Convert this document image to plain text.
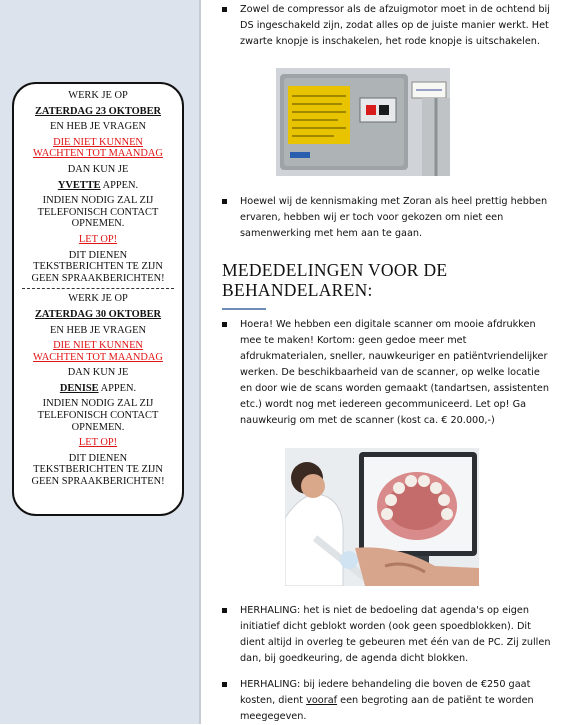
WERK JE OP
ZATERDAG 23 OKTOBER
EN HEB JE VRAGEN
DIE NIET KUNNEN
WACHTEN TOT MAANDAG
DAN KUN JE
YVETTE APPEN.
INDIEN NODIG ZAL ZIJ
TELEFONISCH CONTACT
OPNEMEN.
LET OP!
DIT DIENEN
TEKSTBERICHTEN TE ZIJN
GEEN SPRAAKBERICHTEN!
WERK JE OP
ZATERDAG 30 OKTOBER
EN HEB JE VRAGEN
DIE NIET KUNNEN
WACHTEN TOT MAANDAG
DAN KUN JE
DENISE APPEN.
INDIEN NODIG ZAL ZIJ
TELEFONISCH CONTACT
OPNEMEN.
LET OP!
DIT DIENEN
TEKSTBERICHTEN TE ZIJN
GEEN SPRAAKBERICHTEN!
Zowel de compressor als de afzuigmotor moet in de ochtend bij DS ingeschakeld zijn, zodat alles op de juiste manier werkt. Het zwarte knopje is inschakelen, het rode knopje is uitschakelen.
Hoewel wij de kennismaking met Zoran als heel prettig hebben ervaren, hebben wij er toch voor gekozen om niet een samenwerking met hem aan te gaan.
MEDEDELINGEN VOOR DE
BEHANDELAREN:
Hoera! We hebben een digitale scanner om mooie afdrukken mee te maken! Kortom: geen gedoe meer met afdrukmaterialen, sneller, nauwkeuriger en patiëntvriendelijker werken. De beschikbaarheid van de scanner, op welke locatie en door wie de scans worden gemaakt (tandartsen, assistenten etc.) wordt nog met iedereen gecommuniceerd. Let op! Ga nauwkeurig om met de scanner (kost ca. € 20.000,-)
HERHALING: het is niet de bedoeling dat agenda's op eigen initiatief dicht geblokt worden (ook geen spoedblokken). Dit dient altijd in overleg te gebeuren met één van de PC. Zij zullen dan, bij goedkeuring, de agenda dicht blokken.
HERHALING: bij iedere behandeling die boven de €250 gaat kosten, dient vooraf een begroting aan de patiënt te worden meegegeven.
